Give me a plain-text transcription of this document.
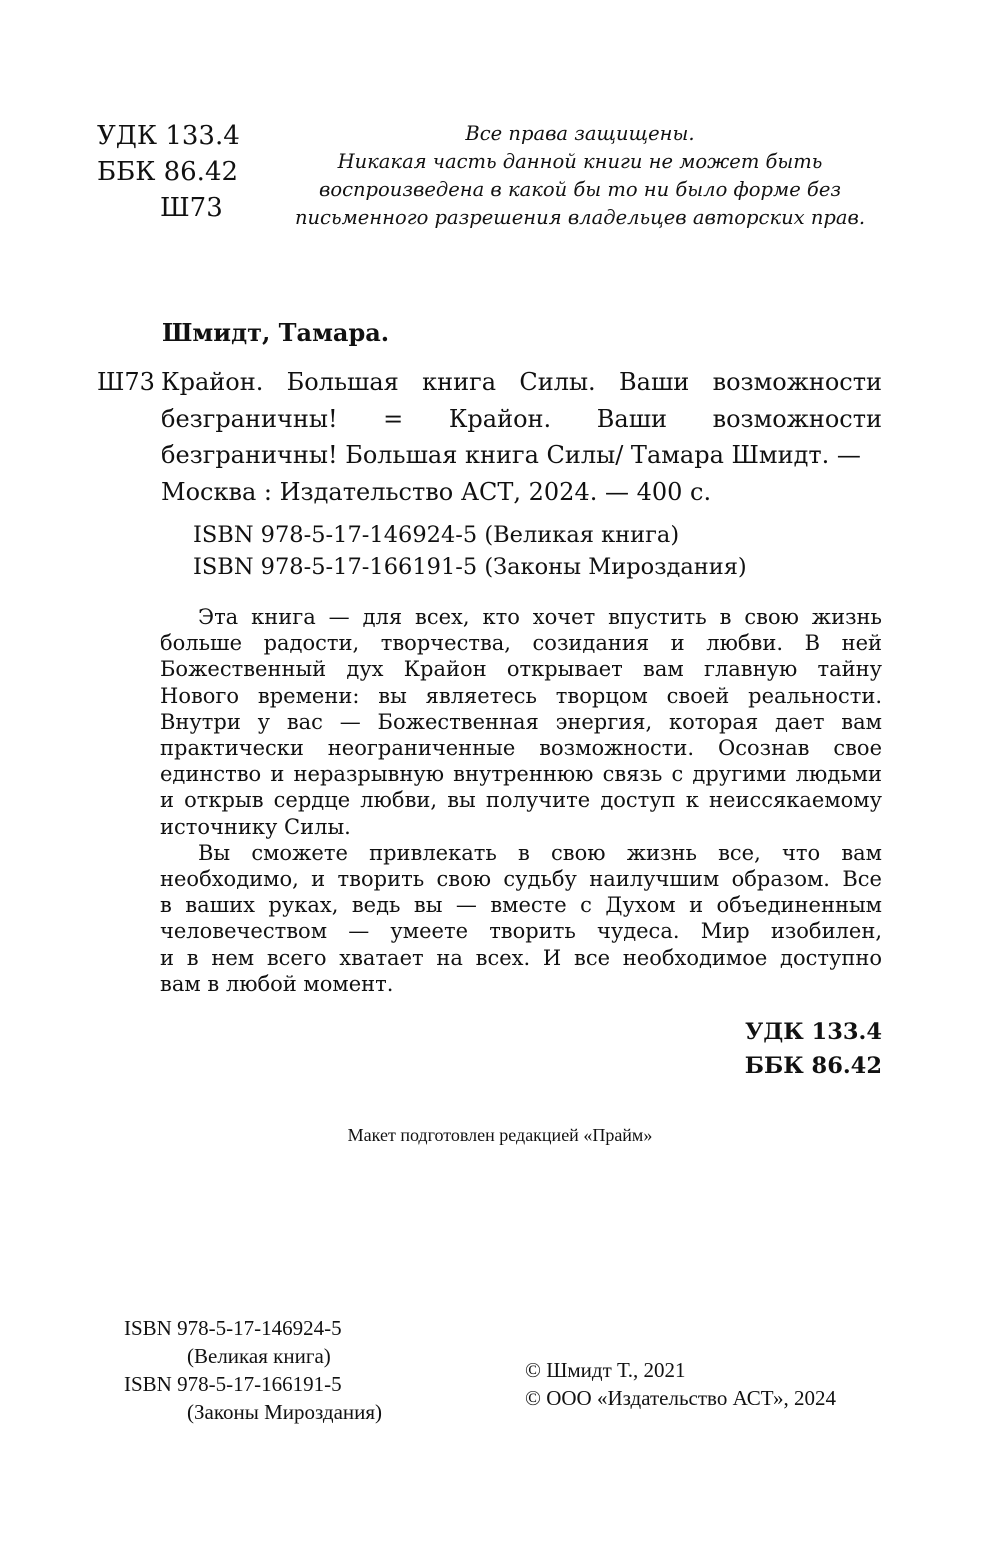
УДК 133.4
ББК 86.42
Ш73
Все права защищены.
Никакая часть данной книги не может быть
воспроизведена в какой бы то ни было форме без
письменного разрешения владельцев авторских прав.
Шмидт, Тамара.
Ш73 Крайон. Большая книга Силы. Ваши возможности
безграничны! = Крайон. Ваши возможности
безграничны! Большая книга Силы/ Тамара Шмидт. —
Москва : Издательство АСТ, 2024. — 400 с.
ISBN 978-5-17-146924-5 (Великая книга)
ISBN 978-5-17-166191-5 (Законы Мироздания)
Эта книга — для всех, кто хочет впустить в свою жизнь
больше радости, творчества, созидания и любви. В ней
Божественный дух Крайон открывает вам главную тайну
Нового времени: вы являетесь творцом своей реальности.
Внутри у вас — Божественная энергия, которая дает вам
практически неограниченные возможности. Осознав свое
единство и неразрывную внутреннюю связь с другими людьми
и открыв сердце любви, вы получите доступ к неиссякаемому
источнику Силы.
Вы сможете привлекать в свою жизнь все, что вам
необходимо, и творить свою судьбу наилучшим образом. Все
в ваших руках, ведь вы — вместе с Духом и объединенным
человечеством — умеете творить чудеса. Мир изобилен,
и в нем всего хватает на всех. И все необходимое доступно
вам в любой момент.
УДК 133.4
ББК 86.42
Макет подготовлен редакцией «Прайм»
ISBN 978-5-17-146924-5
(Великая книга)
ISBN 978-5-17-166191-5
(Законы Мироздания)
© Шмидт Т., 2021
© ООО «Издательство АСТ», 2024
